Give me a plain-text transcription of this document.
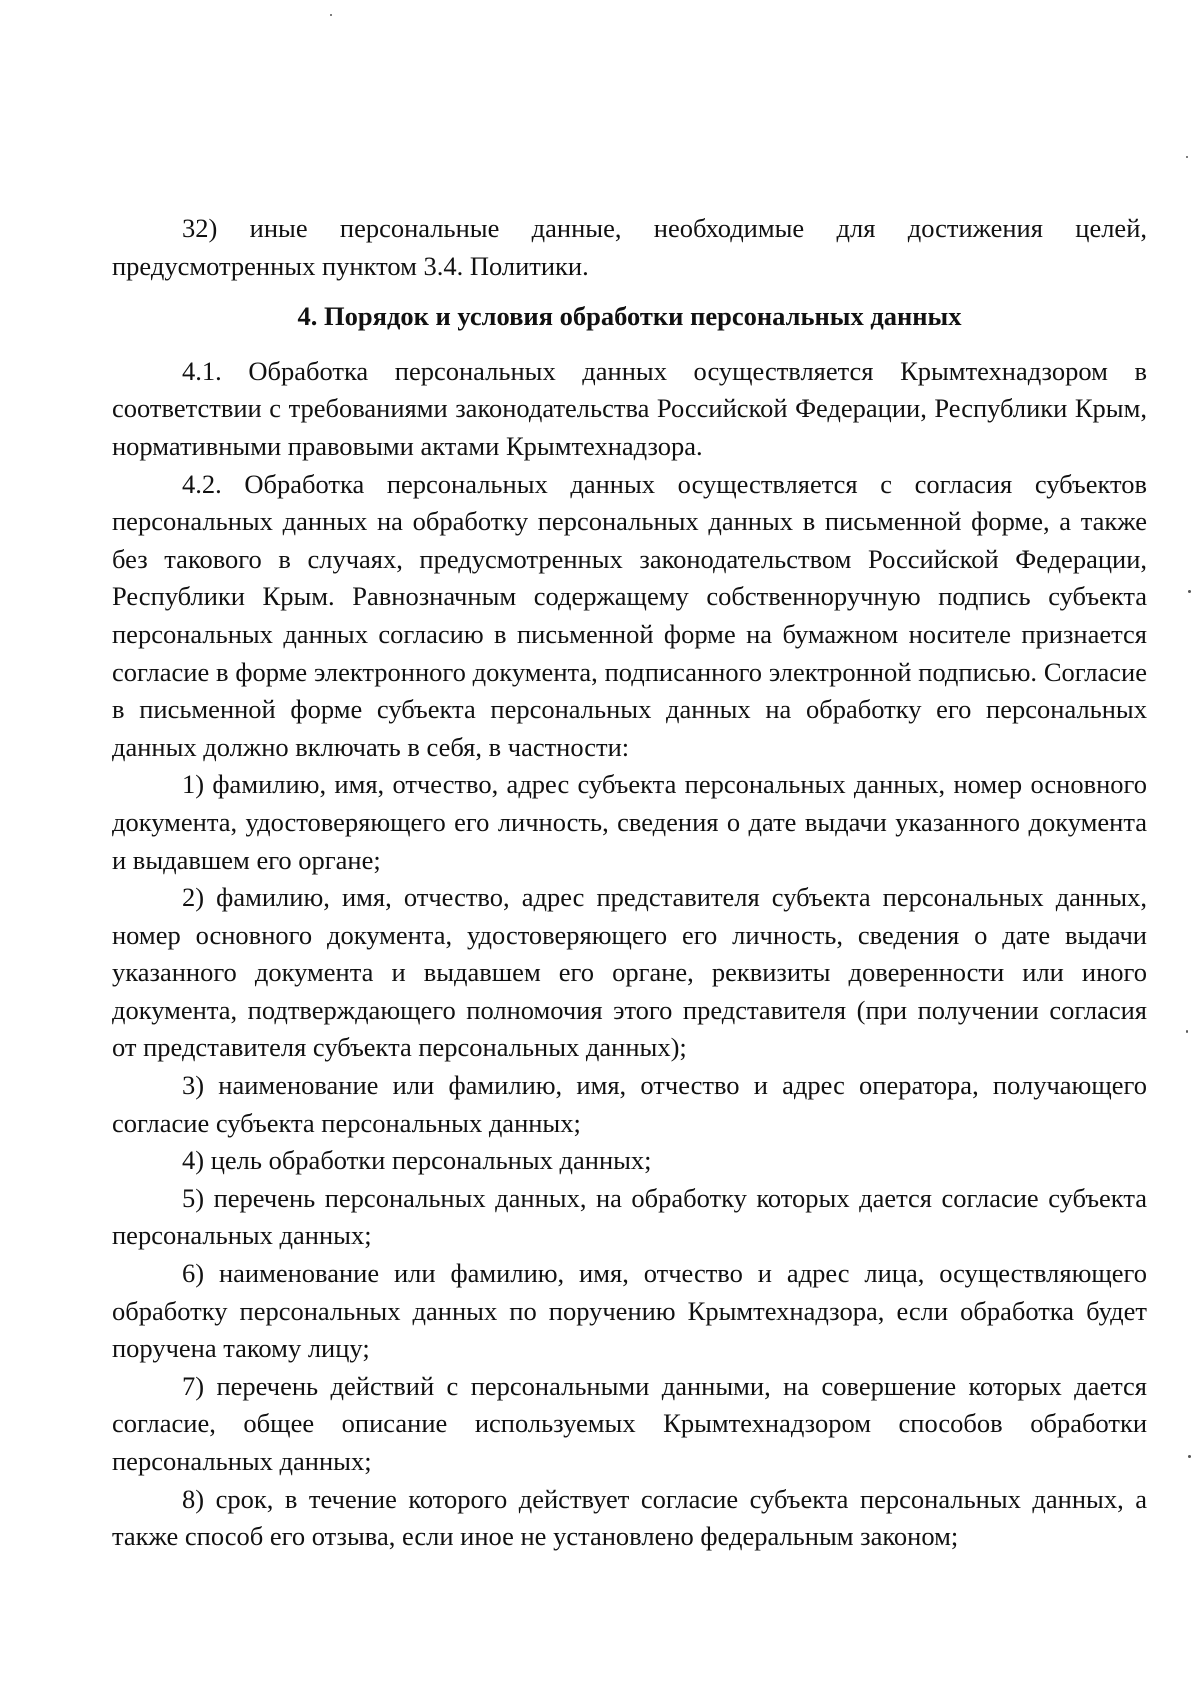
32) иные персональные данные, необходимые для достижения целей, предусмотренных пунктом 3.4. Политики.

4. Порядок и условия обработки персональных данных

4.1. Обработка персональных данных осуществляется Крымтехнадзором в соответствии с требованиями законодательства Российской Федерации, Республики Крым, нормативными правовыми актами Крымтехнадзора.

4.2. Обработка персональных данных осуществляется с согласия субъектов персональных данных на обработку персональных данных в письменной форме, а также без такового в случаях, предусмотренных законодательством Российской Федерации, Республики Крым. Равнозначным содержащему собственноручную подпись субъекта персональных данных согласию в письменной форме на бумажном носителе признается согласие в форме электронного документа, подписанного электронной подписью. Согласие в письменной форме субъекта персональных данных на обработку его персональных данных должно включать в себя, в частности:

1) фамилию, имя, отчество, адрес субъекта персональных данных, номер основного документа, удостоверяющего его личность, сведения о дате выдачи указанного документа и выдавшем его органе;

2) фамилию, имя, отчество, адрес представителя субъекта персональных данных, номер основного документа, удостоверяющего его личность, сведения о дате выдачи указанного документа и выдавшем его органе, реквизиты доверенности или иного документа, подтверждающего полномочия этого представителя (при получении согласия от представителя субъекта персональных данных);

3) наименование или фамилию, имя, отчество и адрес оператора, получающего согласие субъекта персональных данных;

4) цель обработки персональных данных;

5) перечень персональных данных, на обработку которых дается согласие субъекта персональных данных;

6) наименование или фамилию, имя, отчество и адрес лица, осуществляющего обработку персональных данных по поручению Крымтехнадзора, если обработка будет поручена такому лицу;

7) перечень действий с персональными данными, на совершение которых дается согласие, общее описание используемых Крымтехнадзором способов обработки персональных данных;

8) срок, в течение которого действует согласие субъекта персональных данных, а также способ его отзыва, если иное не установлено федеральным законом;
